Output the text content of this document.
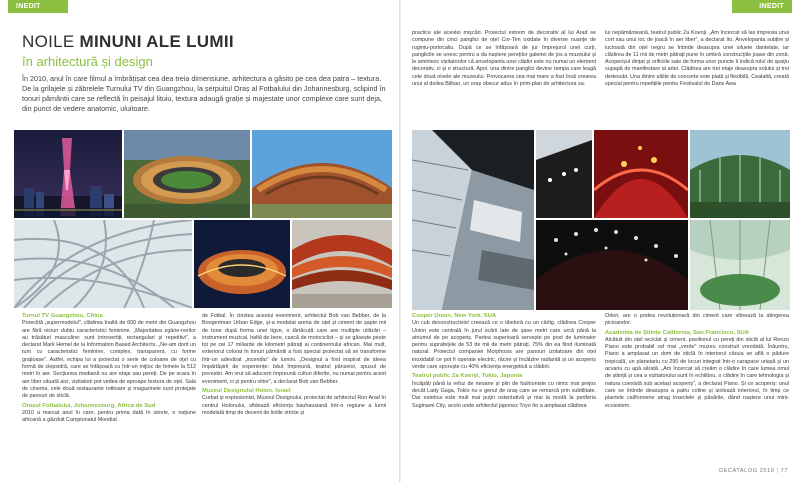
INEDIT
NOILE MINUNI ALE LUMII
în arhitectură și design
În 2010, anul în care filmul a îmbrățișat cea dea treia dimensiune, arhitectura a găsito pe cea dea patra – textura. De la grilajele și zăbrelele Turnului TV din Guangzhou, la șerpuitul Oraș al Fotbalului din Johannesburg, sclipind în tonuri pământii care se reflectă în peisajul lituiu, textura adaugă grație și majestate unor complexe care sunt deja, din punct de vedere anatomic, uluitoare.

Turnul TV Guangzhou, China
Poreclită „supermodelul”, clădirea înaltă de 600 de metri din Guangzhou are fără niciun dubiu caracteristici feminine. „Majoritatea zgârie-norilor au trăsături masculine: sunt introvertiți, rectangulari și repetitivi”, a declarat Mark Hemel de la Information Based Architects. „Ne-am dorit un turn cu caracteristici feminine, complex, transparent, cu forme grațioase”. Astfel, echipa lui a proiectat o serie de coloane de oțel cu formă de clepsidră, care se înfășoară cu într-un mijloc de femeie la 512 metri în aer. Secțiunea mediană nu are etaje sau pereți. De pe scara în aer liber situată aici, vizitatorii pot vedea de aproape textura de oțel. Sala de cinema, cele două restaurante rotitoare și magazinele sunt protejate de panouri de sticlă.

Orașul Fotbalului, Johannesburg, Africa de Sud
2010 a marcat anul în care, pentru prima dată în istorie, o națiune africană a găzduit Campionatul Mondial

de Fotbal. În cinstea acestui eveniment, arhitectul Bob van Bebber, de la Boogertman Urban Edge, și-a modelat arena de oțel și ciment de șapte mii de tone după forma unei tigve, o tărtăcuță care are multiple utilizări – instrument muzical, haltă de bere, cască de motociclist – și se găsește peste tot pe cei 17 miliarde de kilometri pătrați ai continentului african. Mai mult, exteriorul colorat în tonuri pământii a fost special proiectat să se transforme într-un adevărat „incendiu” de lumini. „Designul a fost inspirat de ideea împărtășirii de experiențe: băut împreună, teatrul pânzelor, spusul de povestiri. Am vrut să aducem împreună culturi diferite, nu numai pentru acest eveniment, ci și pentru viitor”, a declarat Bob van Bebber.

Muzeul Designului Holon, Israel
Curbat și expresionist, Muzeul Designului, proiectat de arhitectul Ron Arad în centrul Holonului, sfidează eficiența bauhausiană într-o regiune a lumii modelată timp de decenii de liniile stricte și

INEDIT

practice ale acestei mișcări. Proiectul extrem de decorativ al lui Arad se compune din cinci panglici de oțel Cor-Ten oxidate în diverse nuanțe de ruginiu-portocaliu. După ce se înfășoară de jur împrejurul unei curți, panglicile se unesc pentru a da naștere pereților galeriei de jos a muzeului și le amintesc vizitatorilor că anvelopanta unei clădiri este nu numai un element decorativ, ci și o structură. Apoi, una dintre panglici devine rampa care leagă cele două nivele ale muzeului. Provocarea cea mai mare a fost însă crearea unui al doilea Bilbao, un oraș obscur adus în prim-plan de arhitectura sa.

lui nepământeană, teatrul public Za Koenji. „Am încercat să las impresia unui cort sau unui loc de joacă în aer liber”, a declarat Ito. Anvelopanta subțire și lucioasă din oțel negru se întinde deasupra unei siluete dantelate, iar clădirea de 11 mii de metri pătrați pune în umbră construcțiile joase din zonă. Acoperișul dințat și orificiile sale de forma unor puncte îi indică rolul de spațiu supapă de manifestare al artei. Clădirea are trei etaje deasupra solului și trei dedesubt. Una dintre sălile de concerte este plată și flexibilă. Cealaltă, creată special pentru repetițiile pentru Festivalul de Dans Awa

Cooper Union, New York, SUA
Un cub deconstructivist creează ce o tăietură cu un cârlig, clădirea Cooper Union este centrală în jurul scării late de șase metri care urcă până la atriumul de pe acoperiș. Partea superioară servește pe post de luminator pentru suprafețele de 53 de mii de metri pătrați, 75% din ea fiind iluminată natural. Proiectul companiei Morphosis are panouri izolatoare din oțel inoxidabil ce pot fi operate electric, răcire și încălzire radiantă și un acoperiș verde care sporește cu 40% eficiența energetică a clădirii.

Teatrul public Za Koenji, Tokio, Japonia
Încăpăți până la refuz de neoane și plin de fashioniste cu nimic mai prejos decât Lady Gaga, Tokio nu e genul de oraș care se remarcă prin subtilitate. Dar estetica este mult mai puțin ostentativă și mai la modă la periferia Suginami City, acolo unde arhitectul japonez Toyo Ito a amplasat clădirea

Odori, are o podea revoluționară din ciment care vibrează la atingerea picioarelor.

Academia de Științe California, San Francisco, SUA
Alcătuit din oțel reciclat și ciment, pavilionul cu pereți din sticlă al lui Renzo Piano este probabil cel mai „verde” muzeu construit vreodată. Înăuntru, Piano a amplasat un dom de sticlă în interiorul căruia se află o pădure tropicală, un planetariu cu 290 de locuri integrat într-o carapace uriașă și un acvariu cu apă sărată. „Am încercat să creăm o clădire în care lumea omul de știință și cea a vizitatorului sunt în echilibru, o clădire în care tehnologia și natura coexistă sub același acoperiș”, a declarat Piano. Și ce acoperiș: unul care se întinde deasupra a patru coline și izolează interiorul, în timp ce plantele californiene atrag insectele și păsările, dând naștere unui mini-ecosistem.

DECATALOG 2010 | 77
